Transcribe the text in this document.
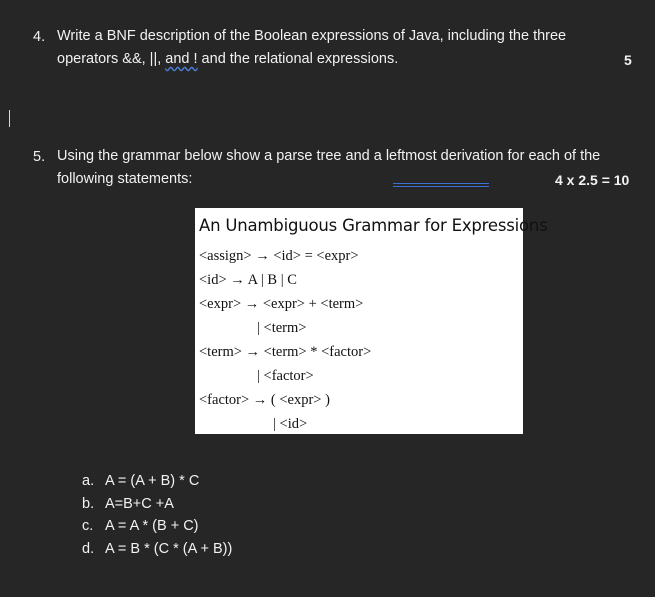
4. Write a BNF description of the Boolean expressions of Java, including the three
operators &&, ||, and ! and the relational expressions.	5
5. Using the grammar below show a parse tree and a leftmost derivation for each of the
following statements:	4 x 2.5 = 10
An Unambiguous Grammar for Expressions
<assign> → <id> = <expr>
<id> → A | B | C
<expr> → <expr> + <term>
| <term>
<term> → <term> * <factor>
| <factor>
<factor> → ( <expr> )
| <id>
a. A = (A + B) * C
b. A=B+C +A
c. A = A * (B + C)
d. A = B * (C * (A + B))
